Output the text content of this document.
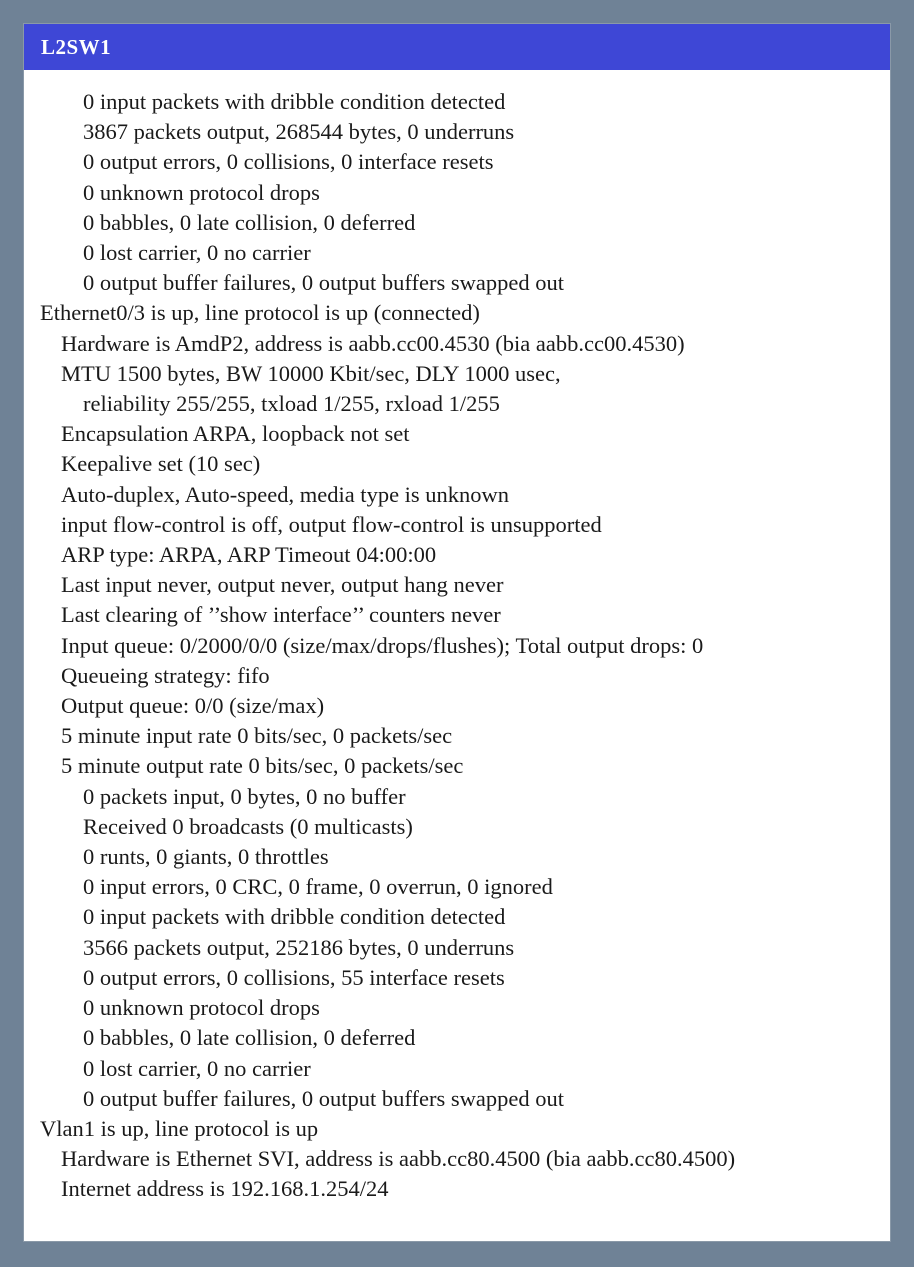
L2SW1
0 input packets with dribble condition detected
3867 packets output, 268544 bytes, 0 underruns
0 output errors, 0 collisions, 0 interface resets
0 unknown protocol drops
0 babbles, 0 late collision, 0 deferred
0 lost carrier, 0 no carrier
0 output buffer failures, 0 output buffers swapped out
Ethernet0/3 is up, line protocol is up (connected)
Hardware is AmdP2, address is aabb.cc00.4530 (bia aabb.cc00.4530)
MTU 1500 bytes, BW 10000 Kbit/sec, DLY 1000 usec,
reliability 255/255, txload 1/255, rxload 1/255
Encapsulation ARPA, loopback not set
Keepalive set (10 sec)
Auto-duplex, Auto-speed, media type is unknown
input flow-control is off, output flow-control is unsupported
ARP type: ARPA, ARP Timeout 04:00:00
Last input never, output never, output hang never
Last clearing of ’’show interface’’ counters never
Input queue: 0/2000/0/0 (size/max/drops/flushes); Total output drops: 0
Queueing strategy: fifo
Output queue: 0/0 (size/max)
5 minute input rate 0 bits/sec, 0 packets/sec
5 minute output rate 0 bits/sec, 0 packets/sec
0 packets input, 0 bytes, 0 no buffer
Received 0 broadcasts (0 multicasts)
0 runts, 0 giants, 0 throttles
0 input errors, 0 CRC, 0 frame, 0 overrun, 0 ignored
0 input packets with dribble condition detected
3566 packets output, 252186 bytes, 0 underruns
0 output errors, 0 collisions, 55 interface resets
0 unknown protocol drops
0 babbles, 0 late collision, 0 deferred
0 lost carrier, 0 no carrier
0 output buffer failures, 0 output buffers swapped out
Vlan1 is up, line protocol is up
Hardware is Ethernet SVI, address is aabb.cc80.4500 (bia aabb.cc80.4500)
Internet address is 192.168.1.254/24
